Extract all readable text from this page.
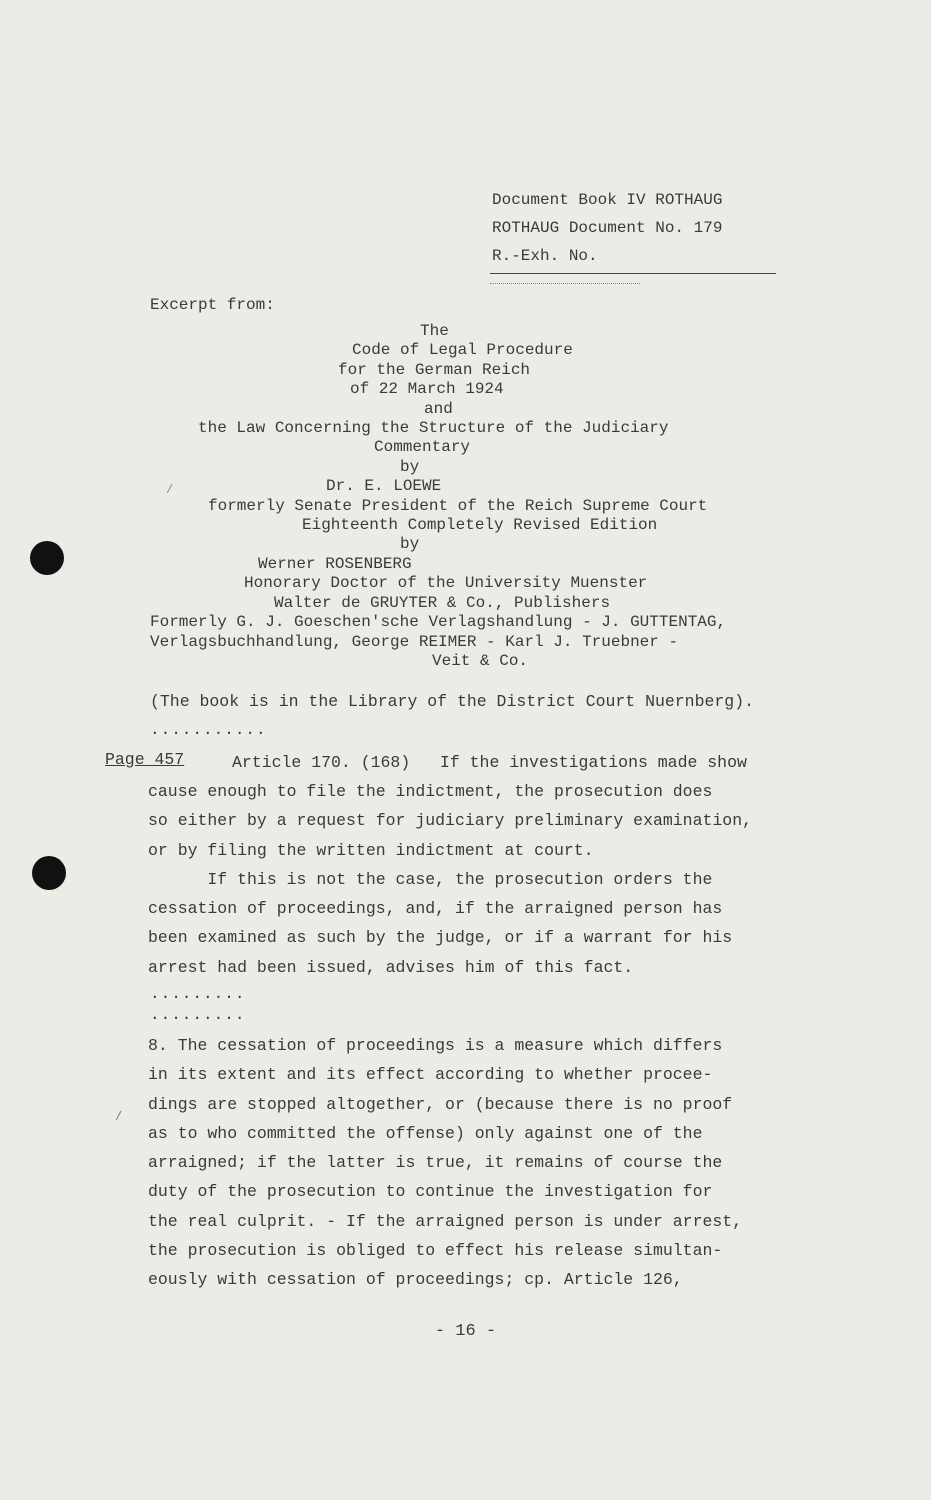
Document Book IV ROTHAUG
ROTHAUG Document No. 179
R.-Exh. No.
Excerpt from:
The
Code of Legal Procedure
for the German Reich
of 22 March 1924
and
the Law Concerning the Structure of the Judiciary
Commentary
by
Dr. E. LOEWE
formerly Senate President of the Reich Supreme Court
Eighteenth Completely Revised Edition
by
Werner ROSENBERG
Honorary Doctor of the University Muenster
Walter de GRUYTER & Co., Publishers
Formerly G. J. Goeschen'sche Verlagshandlung - J. GUTTENTAG,
Verlagsbuchhandlung, George REIMER - Karl J. Truebner -
Veit & Co.
/
(The book is in the Library of the District Court Nuernberg).
...........
Page 457	Article 170. (168)   If the investigations made show
cause enough to file the indictment, the prosecution does
so either by a request for judiciary preliminary examination,
or by filing the written indictment at court.
If this is not the case, the prosecution orders the
cessation of proceedings, and, if the arraigned person has
been examined as such by the judge, or if a warrant for his
arrest had been issued, advises him of this fact.
.........
.........
8. The cessation of proceedings is a measure which differs
in its extent and its effect according to whether procee-
dings are stopped altogether, or (because there is no proof
as to who committed the offense) only against one of the
arraigned; if the latter is true, it remains of course the
duty of the prosecution to continue the investigation for
the real culprit. - If the arraigned person is under arrest,
the prosecution is obliged to effect his release simultan-
eously with cessation of proceedings; cp. Article 126,
/
- 16 -
